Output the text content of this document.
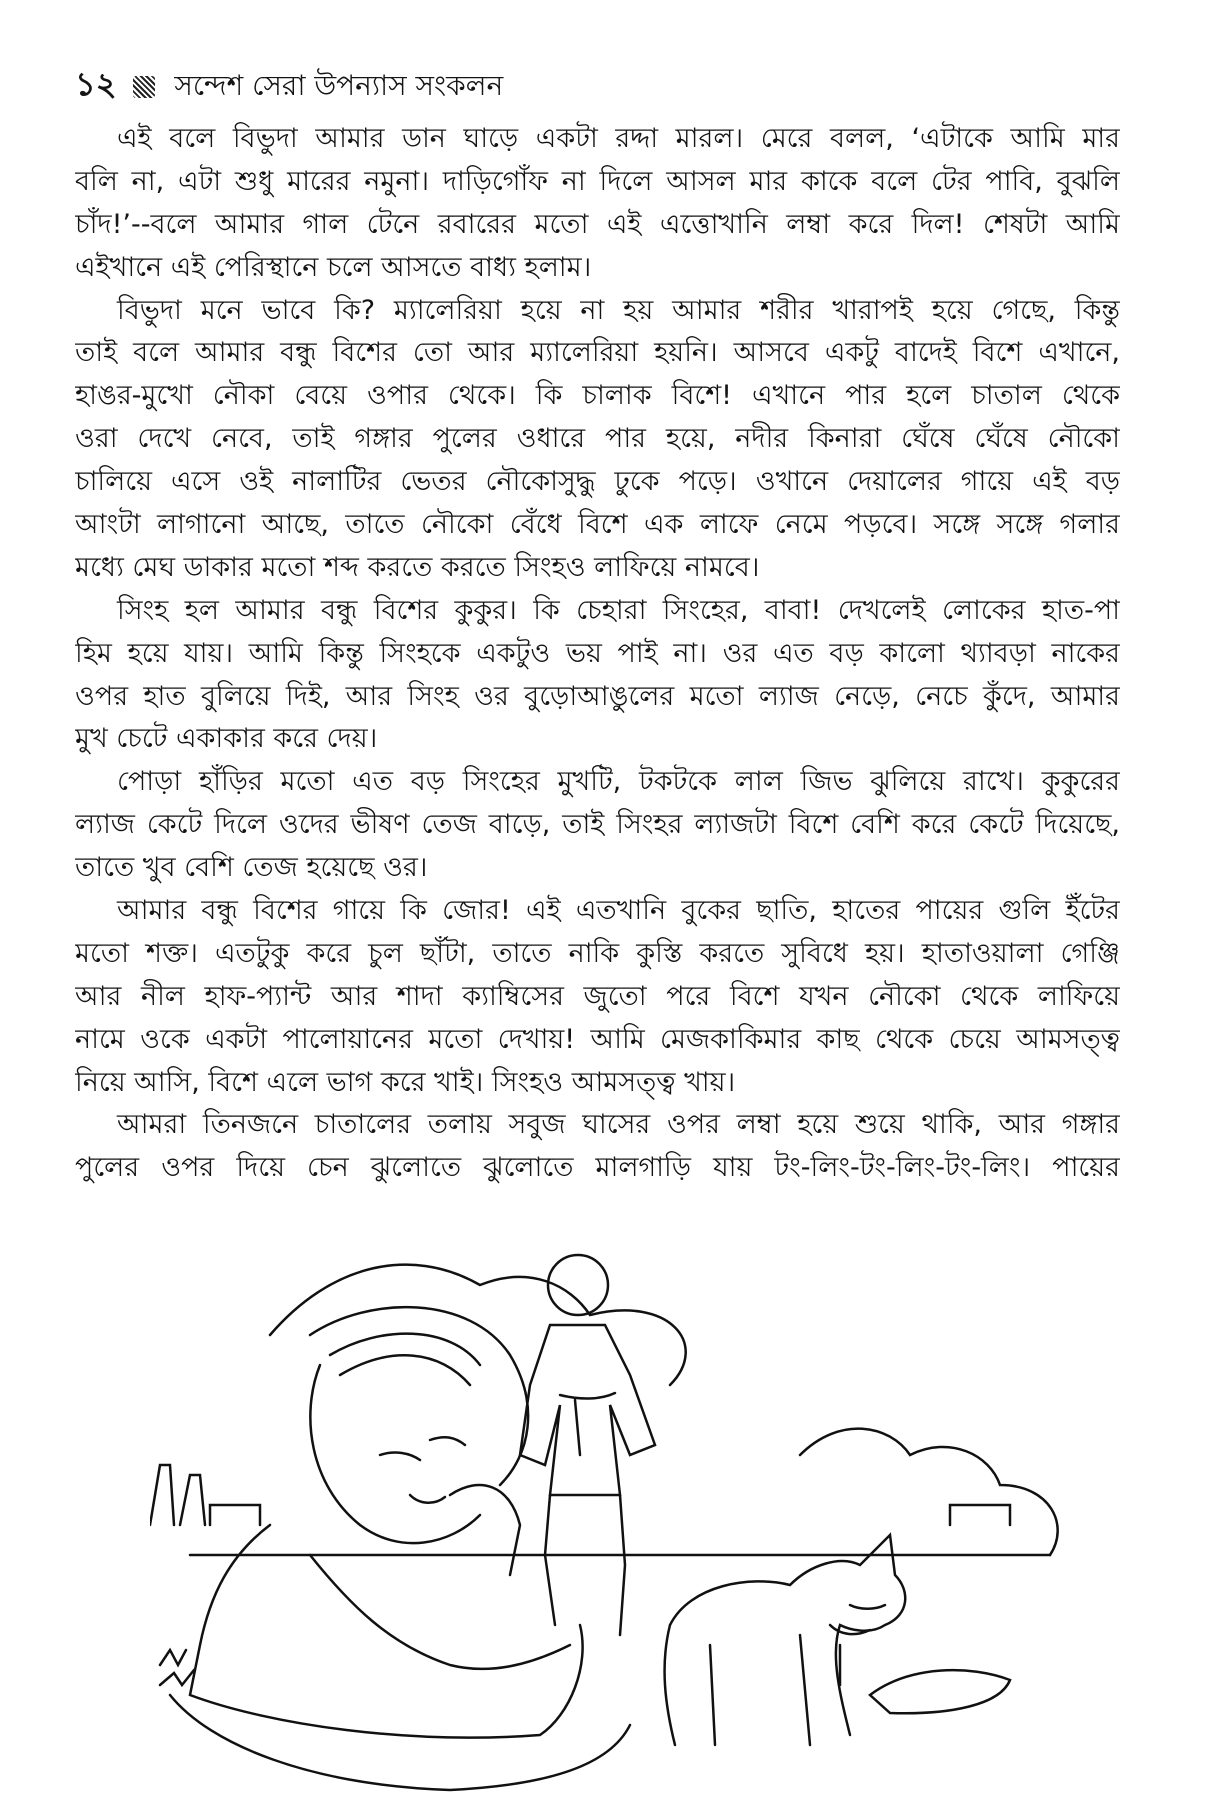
১২ সন্দেশ সেরা উপন্যাস সংকলন
এই বলে বিভুদা আমার ডান ঘাড়ে একটা রদ্দা মারল। মেরে বলল, ‘এটাকে আমি মার
বলি না, এটা শুধু মারের নমুনা। দাড়িগোঁফ না দিলে আসল মার কাকে বলে টের পাবি, বুঝলি
চাঁদ!’--বলে আমার গাল টেনে রবারের মতো এই এত্তোখানি লম্বা করে দিল! শেষটা আমি
এইখানে এই পেরিস্থানে চলে আসতে বাধ্য হলাম।
বিভুদা মনে ভাবে কি? ম্যালেরিয়া হয়ে না হয় আমার শরীর খারাপই হয়ে গেছে, কিন্তু
তাই বলে আমার বন্ধু বিশের তো আর ম্যালেরিয়া হয়নি। আসবে একটু বাদেই বিশে এখানে,
হাঙর-মুখো নৌকা বেয়ে ওপার থেকে। কি চালাক বিশে! এখানে পার হলে চাতাল থেকে
ওরা দেখে নেবে, তাই গঙ্গার পুলের ওধারে পার হয়ে, নদীর কিনারা ঘেঁষে ঘেঁষে নৌকো
চালিয়ে এসে ওই নালাটির ভেতর নৌকোসুদ্ধু ঢুকে পড়ে। ওখানে দেয়ালের গায়ে এই বড়
আংটা লাগানো আছে, তাতে নৌকো বেঁধে বিশে এক লাফে নেমে পড়বে। সঙ্গে সঙ্গে গলার
মধ্যে মেঘ ডাকার মতো শব্দ করতে করতে সিংহও লাফিয়ে নামবে।
সিংহ হল আমার বন্ধু বিশের কুকুর। কি চেহারা সিংহের, বাবা! দেখলেই লোকের হাত-পা
হিম হয়ে যায়। আমি কিন্তু সিংহকে একটুও ভয় পাই না। ওর এত বড় কালো থ্যাবড়া নাকের
ওপর হাত বুলিয়ে দিই, আর সিংহ ওর বুড়োআঙুলের মতো ল্যাজ নেড়ে, নেচে কুঁদে, আমার
মুখ চেটে একাকার করে দেয়।
পোড়া হাঁড়ির মতো এত বড় সিংহের মুখটি, টকটকে লাল জিভ ঝুলিয়ে রাখে। কুকুরের
ল্যাজ কেটে দিলে ওদের ভীষণ তেজ বাড়ে, তাই সিংহর ল্যাজটা বিশে বেশি করে কেটে দিয়েছে,
তাতে খুব বেশি তেজ হয়েছে ওর।
আমার বন্ধু বিশের গায়ে কি জোর! এই এতখানি বুকের ছাতি, হাতের পায়ের গুলি ইঁটের
মতো শক্ত। এতটুকু করে চুল ছাঁটা, তাতে নাকি কুস্তি করতে সুবিধে হয়। হাতাওয়ালা গেঞ্জি
আর নীল হাফ-প্যান্ট আর শাদা ক্যাম্বিসের জুতো পরে বিশে যখন নৌকো থেকে লাফিয়ে
নামে ওকে একটা পালোয়ানের মতো দেখায়! আমি মেজকাকিমার কাছ থেকে চেয়ে আমসত্ত্ব
নিয়ে আসি, বিশে এলে ভাগ করে খাই। সিংহও আমসত্ত্ব খায়।
আমরা তিনজনে চাতালের তলায় সবুজ ঘাসের ওপর লম্বা হয়ে শুয়ে থাকি, আর গঙ্গার
পুলের ওপর দিয়ে চেন ঝুলোতে ঝুলোতে মালগাড়ি যায় টং-লিং-টং-লিং-টং-লিং। পায়ের
